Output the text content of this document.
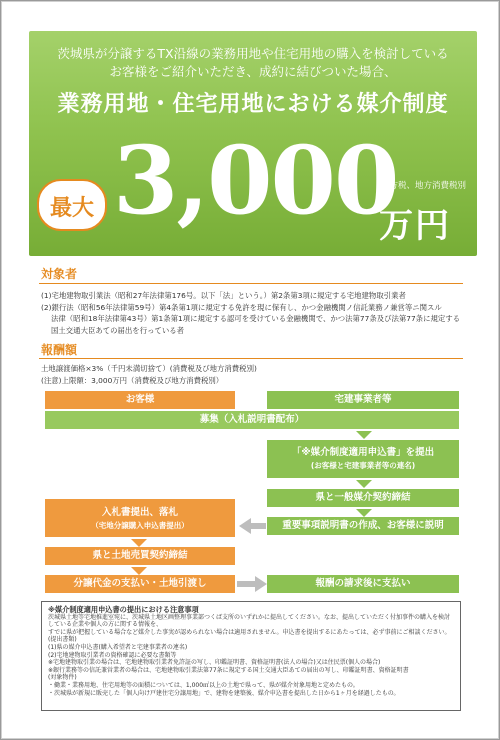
茨城県が分譲するTX沿線の業務用地や住宅用地の購入を検討している
お客様をご紹介いただき、成約に結びついた場合、
業務用地・住宅用地における媒介制度
最大 3,000
地方税、地方消費税別
万円
対象者

(1)宅地建物取引業法（昭和27年法律第176号。以下「法」という。）第2条第3項に規定する宅地建物取引業者

(2)銀行法（昭和56年法律第59号）第4条第1項に規定する免許を現に保有し、かつ金融機関ノ信託業務ノ兼営等ニ関スル
法律（昭和18年法律第43号）第1条第1項に規定する認可を受けている金融機関で、かつ法第77条及び法第77条に規定する国土交通大臣あての届出を行っている者

報酬額
土地譲渡価格×3%（千円未満切捨て）(消費税及び地方消費税別)
(注意)上限額：3,000万円（消費税及び地方消費税別）
お客様	宅建事業者等
募集（入札説明書配布）
「※媒介制度適用申込書」を提出
(お客様と宅建事業者等の連名)
県と一般媒介契約締結
入札書提出、落札
（宅地分譲購入申込書提出）	重要事項説明書の作成、お客様に説明
県と土地売買契約締結
分譲代金の支払い・土地引渡し	報酬の請求後に支払い
※媒介制度適用申込書の提出における注意事項
茨城県土地等宅地推進室宛に、茨城県土地区画整理事業部つくば支所のいずれかに提出してください。なお、提出していただく付加事件の購入を検討している企業や個人の方に関する情報を、
すでに県が把握している場合など媒介した事実が認められない場合は適用されません。申込書を提出するにあたっては、必ず事前にご相談ください。
(提出書類)
(1)県の媒介申込書(購入希望者と宅建事業者の連名)
(2)宅地建物取引業者の資格確認に必要な書類等
※宅地建物取引業の場合は、宅地建物取引業者免許証の写し、印鑑証明書、資格証明書(法人の場合)又は住民票(個人の場合)
※銀行業務等の信託兼営業者の場合は、宅地建物取引業法第77条に規定する国土交通大臣あての届出の写し、印鑑証明書、資格証明書
(対象物件)
・働業・業務用地、住宅用地等の面積については、1,000㎡以上の土地で県って、県が媒介対象用地と定めたもの。
・茨城県が新規に販売した「個人向け戸建住宅分譲用地」で、建物を建築後、媒介申込書を提出した日から1ヶ月を経過したもの。
